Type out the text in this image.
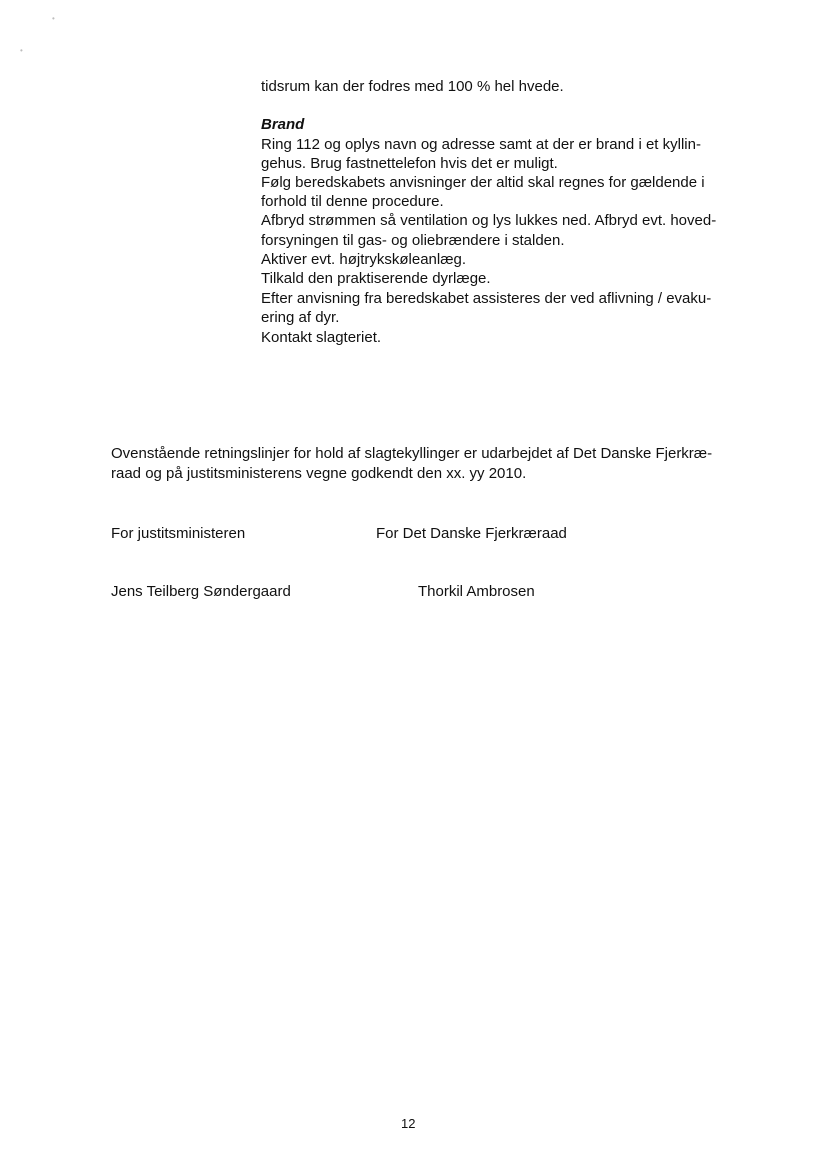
•
•
tidsrum kan der fodres med 100 % hel hvede.
Brand
Ring 112 og oplys navn og adresse samt at der er brand i et kyllin-
gehus. Brug fastnettelefon hvis det er muligt.
Følg beredskabets anvisninger der altid skal regnes for gældende i
forhold til denne procedure.
Afbryd strømmen så ventilation og lys lukkes ned. Afbryd evt. hoved-
forsyningen til gas- og oliebrændere i stalden.
Aktiver evt. højtrykskøleanlæg.
Tilkald den praktiserende dyrlæge.
Efter anvisning fra beredskabet assisteres der ved aflivning / evaku-
ering af dyr.
Kontakt slagteriet.
Ovenstående retningslinjer for hold af slagtekyllinger er udarbejdet af Det Danske Fjerkræ-
raad og på justitsministerens vegne godkendt den xx. yy 2010.
For justitsministeren	For Det Danske Fjerkræraad
Jens Teilberg Søndergaard	Thorkil Ambrosen
12
